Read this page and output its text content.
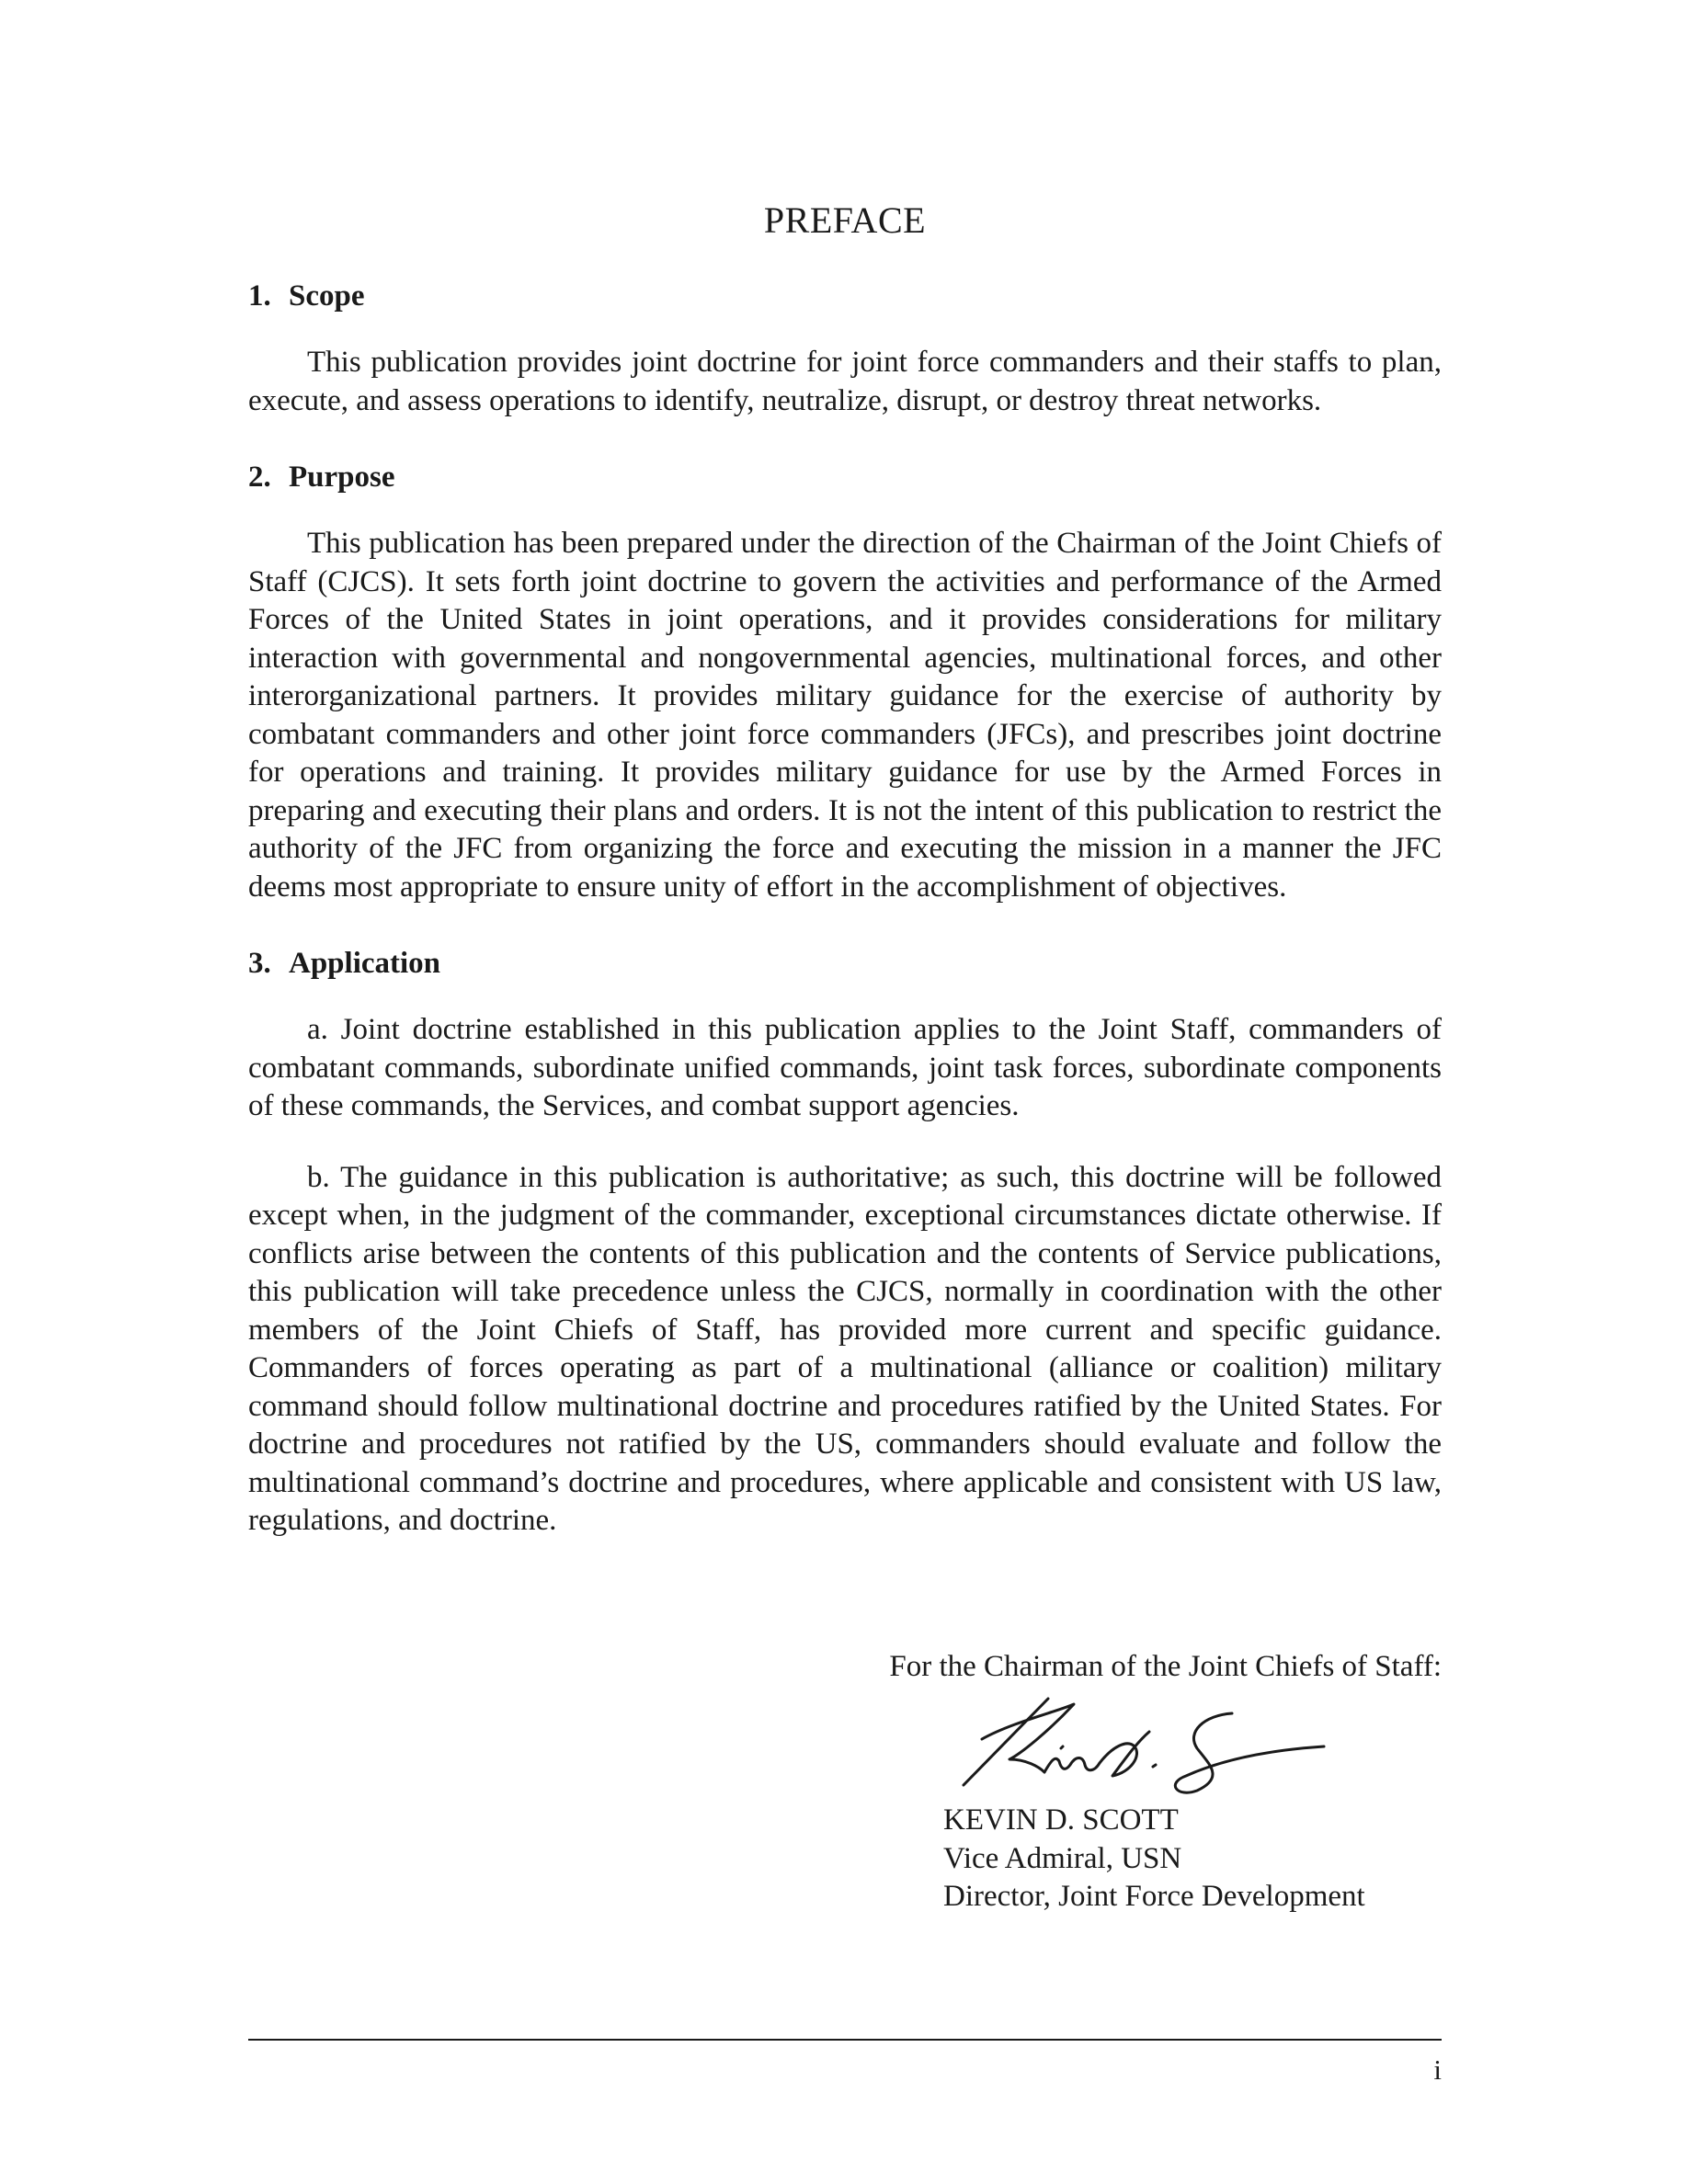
PREFACE
1. Scope

This publication provides joint doctrine for joint force commanders and their staffs to plan, execute, and assess operations to identify, neutralize, disrupt, or destroy threat networks.

2. Purpose

This publication has been prepared under the direction of the Chairman of the Joint Chiefs of Staff (CJCS). It sets forth joint doctrine to govern the activities and performance of the Armed Forces of the United States in joint operations, and it provides considerations for military interaction with governmental and nongovernmental agencies, multinational forces, and other interorganizational partners. It provides military guidance for the exercise of authority by combatant commanders and other joint force commanders (JFCs), and prescribes joint doctrine for operations and training. It provides military guidance for use by the Armed Forces in preparing and executing their plans and orders. It is not the intent of this publication to restrict the authority of the JFC from organizing the force and executing the mission in a manner the JFC deems most appropriate to ensure unity of effort in the accomplishment of objectives.

3. Application

a. Joint doctrine established in this publication applies to the Joint Staff, commanders of combatant commands, subordinate unified commands, joint task forces, subordinate components of these commands, the Services, and combat support agencies.

b. The guidance in this publication is authoritative; as such, this doctrine will be followed except when, in the judgment of the commander, exceptional circumstances dictate otherwise. If conflicts arise between the contents of this publication and the contents of Service publications, this publication will take precedence unless the CJCS, normally in coordination with the other members of the Joint Chiefs of Staff, has provided more current and specific guidance. Commanders of forces operating as part of a multinational (alliance or coalition) military command should follow multinational doctrine and procedures ratified by the United States. For doctrine and procedures not ratified by the US, commanders should evaluate and follow the multinational command’s doctrine and procedures, where applicable and consistent with US law, regulations, and doctrine.

For the Chairman of the Joint Chiefs of Staff:

KEVIN D. SCOTT
Vice Admiral, USN
Director, Joint Force Development
i
